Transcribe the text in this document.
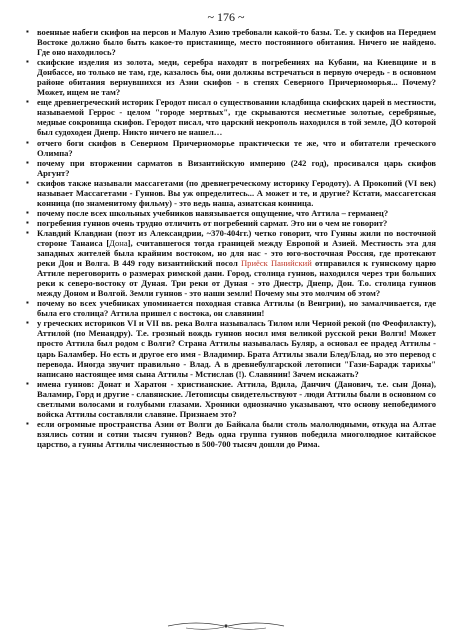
~ 176 ~
▪ военные набеги скифов на персов и Малую Азию требовали какой-то базы. Т.е. у скифов на Переднем Востоке должно было быть какое-то пристанище, место постоянного обитания. Ничего не найдено. Где оно находилось?
▪ скифские изделия из золота, меди, серебра находят в погребениях на Кубани, на Киевщине и в Донбассе, но только не там, где, казалось бы, они должны встречаться в первую очередь - в основном районе обитания вернувшихся из Азии скифов - в степях Северного Причерноморья... Почему? Может, ищем не там?
▪ еще древнегреческий историк Геродот писал о существовании кладбища скифских царей в местности, называемой Геррос - целом "городе мертвых", где скрываются несметные золотые, серебряные, медные сокровища скифов. Геродот писал, что царский некрополь находился в той земле, ДО которой был судоходен Днепр. Никто ничего не нашел…
▪ отчего боги скифов в Северном Причерноморье практически те же, что и обитатели греческого Олимпа?
▪ почему при вторжении сарматов в Византийскую империю (242 год), просивался царь скифов Аргунт?
▪ скифов также называли массагетами (по древнегреческому историку Геродоту). А Прокопий (VI век) называет Массагетами - Гуннов. Вы уж определитесь... А может и те, и другие? Кстати, массагетская конница (по знаменитому фильму) - это ведь наша, азиатская конница.
▪ почему после всех школьных учебников навязывается ощущение, что Аттила – германец?
▪ погребения гуннов очень трудно отличить от погребений сармат. Это ни о чем не говорит?
▪ Клавдий Клавдиан (поэт из Александрии, ~370-404гг.) четко говорит, что Гунны жили по восточной стороне Танаиса [Дона], считавшегося тогда границей между Европой и Азией. Местность эта для западных жителей была крайним востоком, но для нас - это юго-восточная Россия, где протекают реки Дон и Волга. В 449 году византийский посол Приёск Панийский отправился к гуннскому царю Аттиле переговорить о размерах римской дани. Город, столица гуннов, находился через три больших реки к северо-востоку от Дуная. Три реки от Дуная - это Днестр, Днепр, Дон. Т.о. столица гуннов между Доном и Волгой. Земли гуннов - это наши земли! Почему мы это молчим об этом?
▪ почему во всех учебниках упоминается походная ставка Аттилы (в Венгрии), но замалчивается, где была его столица? Аттила пришел с востока, он славянин!
▪ у греческих историков VI и VII вв. река Волга называлась Тилом или Черной рекой (по Феофилакту), Аттилой (по Менандру). Т.е. грозный вождь гуннов носил имя великой русской реки Волги! Может просто Аттила был родом с Волги? Страна Аттилы называлась Буляр, а основал ее прадед Аттилы - царь Баламбер. Но есть и другое его имя - Владимир. Брата Аттилы звали Блед/Блад, но это перевод с перевода. Иногда звучит правильно - Влад. А в древнебулгарской летописи "Гази-Барадж тарихы" написано настоящее имя сына Аттилы - Мстислав (!). Славянин! Зачем искажать?
▪ имена гуннов: Донат и Харатон - христианские. Аттила, Вдила, Данчич (Данович, т.е. сын Дона), Валамир, Горд и другие - славянские. Летописцы свидетельствуют - люди Аттилы были в основном со светлыми волосами и голубыми глазами. Хроники однозначно указывают, что основу непобедимого войска Аттилы составляли славяне. Признаем это?
▪ если огромные пространства Азии от Волги до Байкала были столь малолюдными, откуда на Алтае взялись сотни и сотни тысяч гуннов? Ведь одна группа гуннов победила многолюдное китайское царство, а гунны Аттилы численностью в 500-700 тысяч дошли до Рима.
